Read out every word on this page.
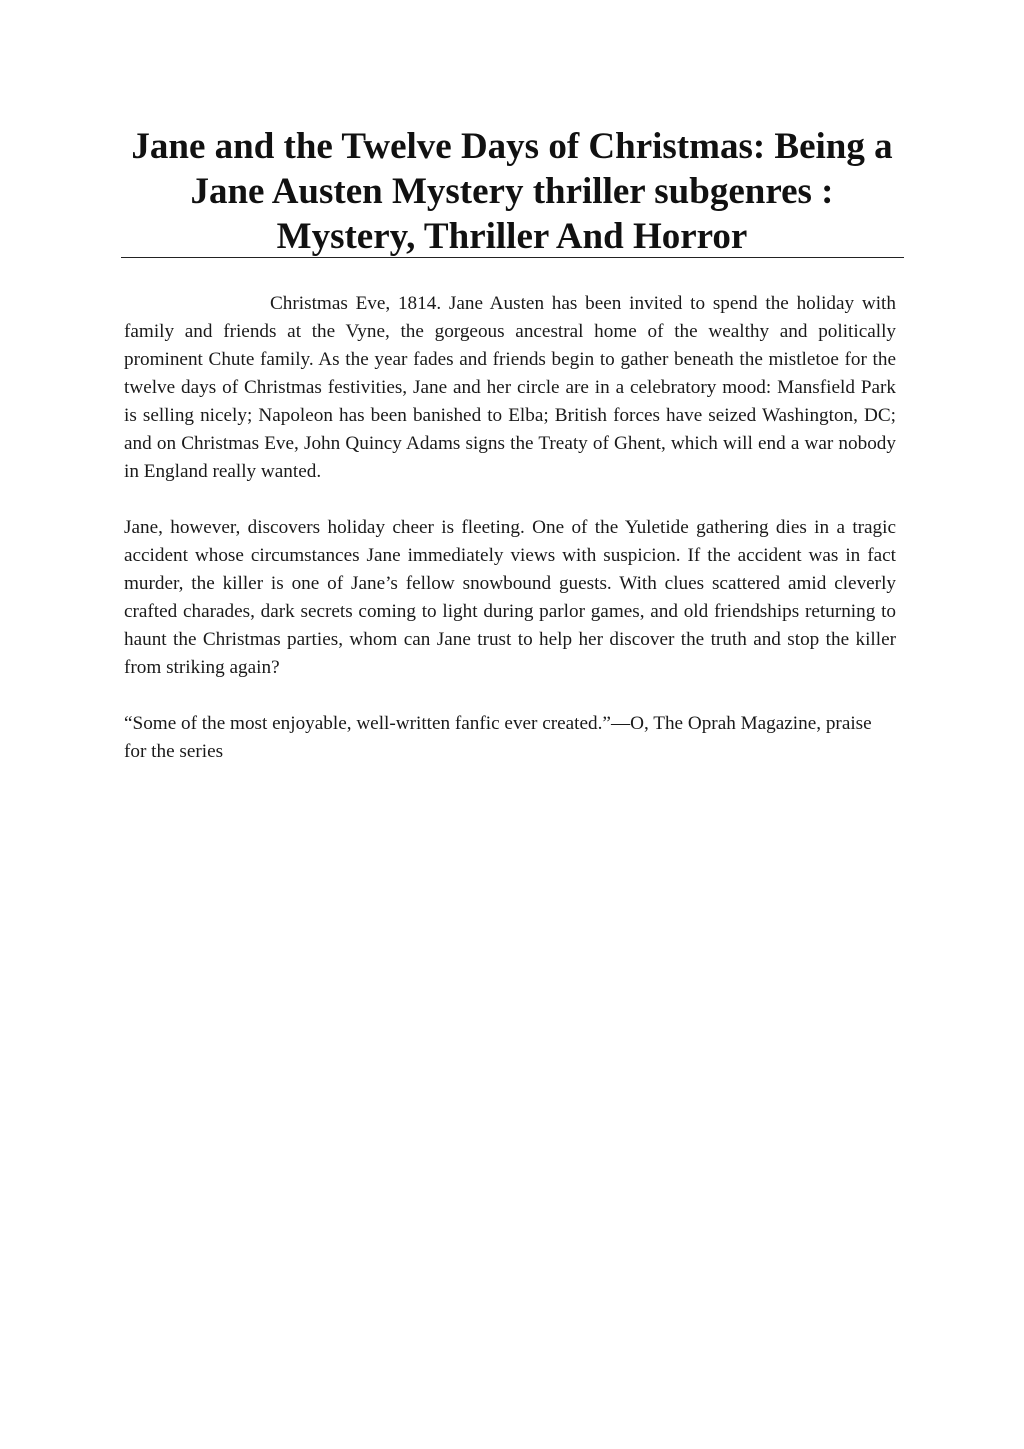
Jane and the Twelve Days of Christmas: Being a Jane Austen Mystery thriller subgenres : Mystery, Thriller And Horror

Christmas Eve, 1814. Jane Austen has been invited to spend the holiday with family and friends at the Vyne, the gorgeous ancestral home of the wealthy and politically prominent Chute family. As the year fades and friends begin to gather beneath the mistletoe for the twelve days of Christmas festivities, Jane and her circle are in a celebratory mood: Mansfield Park is selling nicely; Napoleon has been banished to Elba; British forces have seized Washington, DC; and on Christmas Eve, John Quincy Adams signs the Treaty of Ghent, which will end a war nobody in England really wanted.

Jane, however, discovers holiday cheer is fleeting. One of the Yuletide gathering dies in a tragic accident whose circumstances Jane immediately views with suspicion. If the accident was in fact murder, the killer is one of Jane’s fellow snowbound guests. With clues scattered amid cleverly crafted charades, dark secrets coming to light during parlor games, and old friendships returning to haunt the Christmas parties, whom can Jane trust to help her discover the truth and stop the killer from striking again?

“Some of the most enjoyable, well-written fanfic ever created.”—O, The Oprah Magazine, praise for the series
